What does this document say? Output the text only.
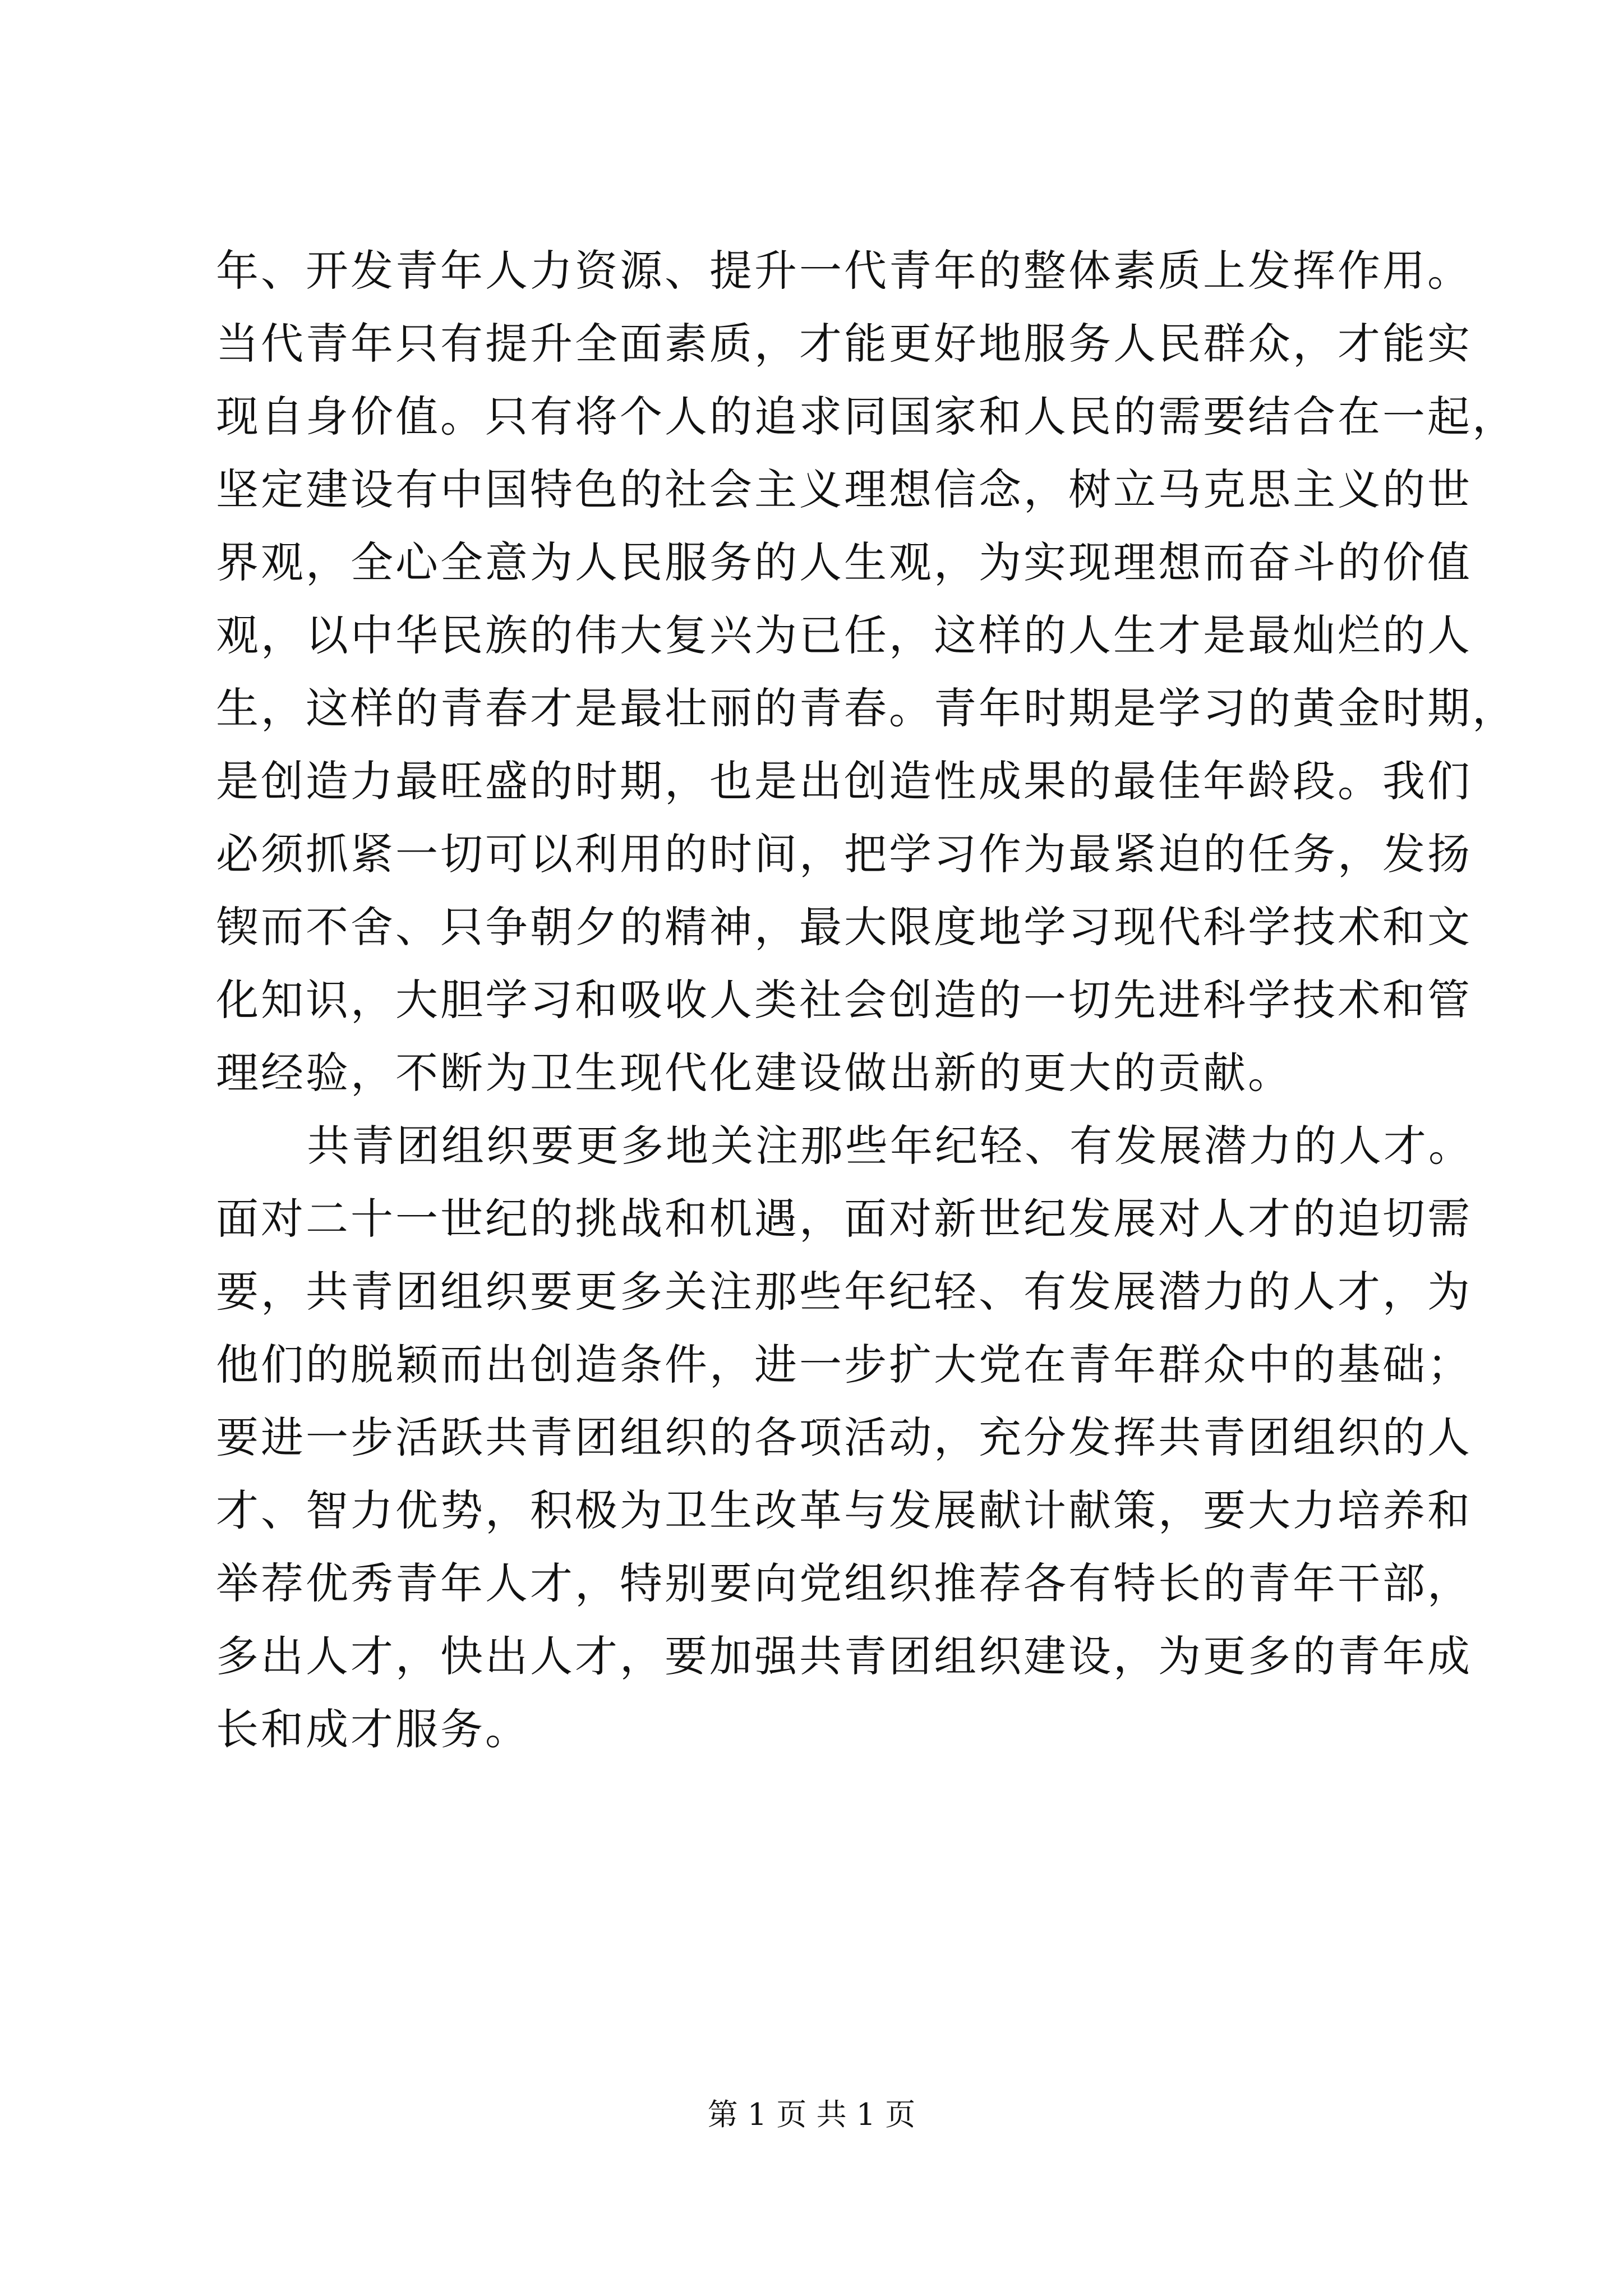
年、开发青年人力资源、提升一代青年的整体素质上发挥作用。
当代青年只有提升全面素质，才能更好地服务人民群众，才能实
现自身价值。只有将个人的追求同国家和人民的需要结合在一起，
坚定建设有中国特色的社会主义理想信念，树立马克思主义的世
界观，全心全意为人民服务的人生观，为实现理想而奋斗的价值
观，以中华民族的伟大复兴为已任，这样的人生才是最灿烂的人
生，这样的青春才是最壮丽的青春。青年时期是学习的黄金时期，
是创造力最旺盛的时期，也是出创造性成果的最佳年龄段。我们
必须抓紧一切可以利用的时间，把学习作为最紧迫的任务，发扬
锲而不舍、只争朝夕的精神，最大限度地学习现代科学技术和文
化知识，大胆学习和吸收人类社会创造的一切先进科学技术和管
理经验，不断为卫生现代化建设做出新的更大的贡献。
共青团组织要更多地关注那些年纪轻、有发展潜力的人才。
面对二十一世纪的挑战和机遇，面对新世纪发展对人才的迫切需
要，共青团组织要更多关注那些年纪轻、有发展潜力的人才，为
他们的脱颖而出创造条件，进一步扩大党在青年群众中的基础；
要进一步活跃共青团组织的各项活动，充分发挥共青团组织的人
才、智力优势，积极为卫生改革与发展献计献策，要大力培养和
举荐优秀青年人才，特别要向党组织推荐各有特长的青年干部，
多出人才，快出人才，要加强共青团组织建设，为更多的青年成
长和成才服务。
第 1 页 共 1 页
